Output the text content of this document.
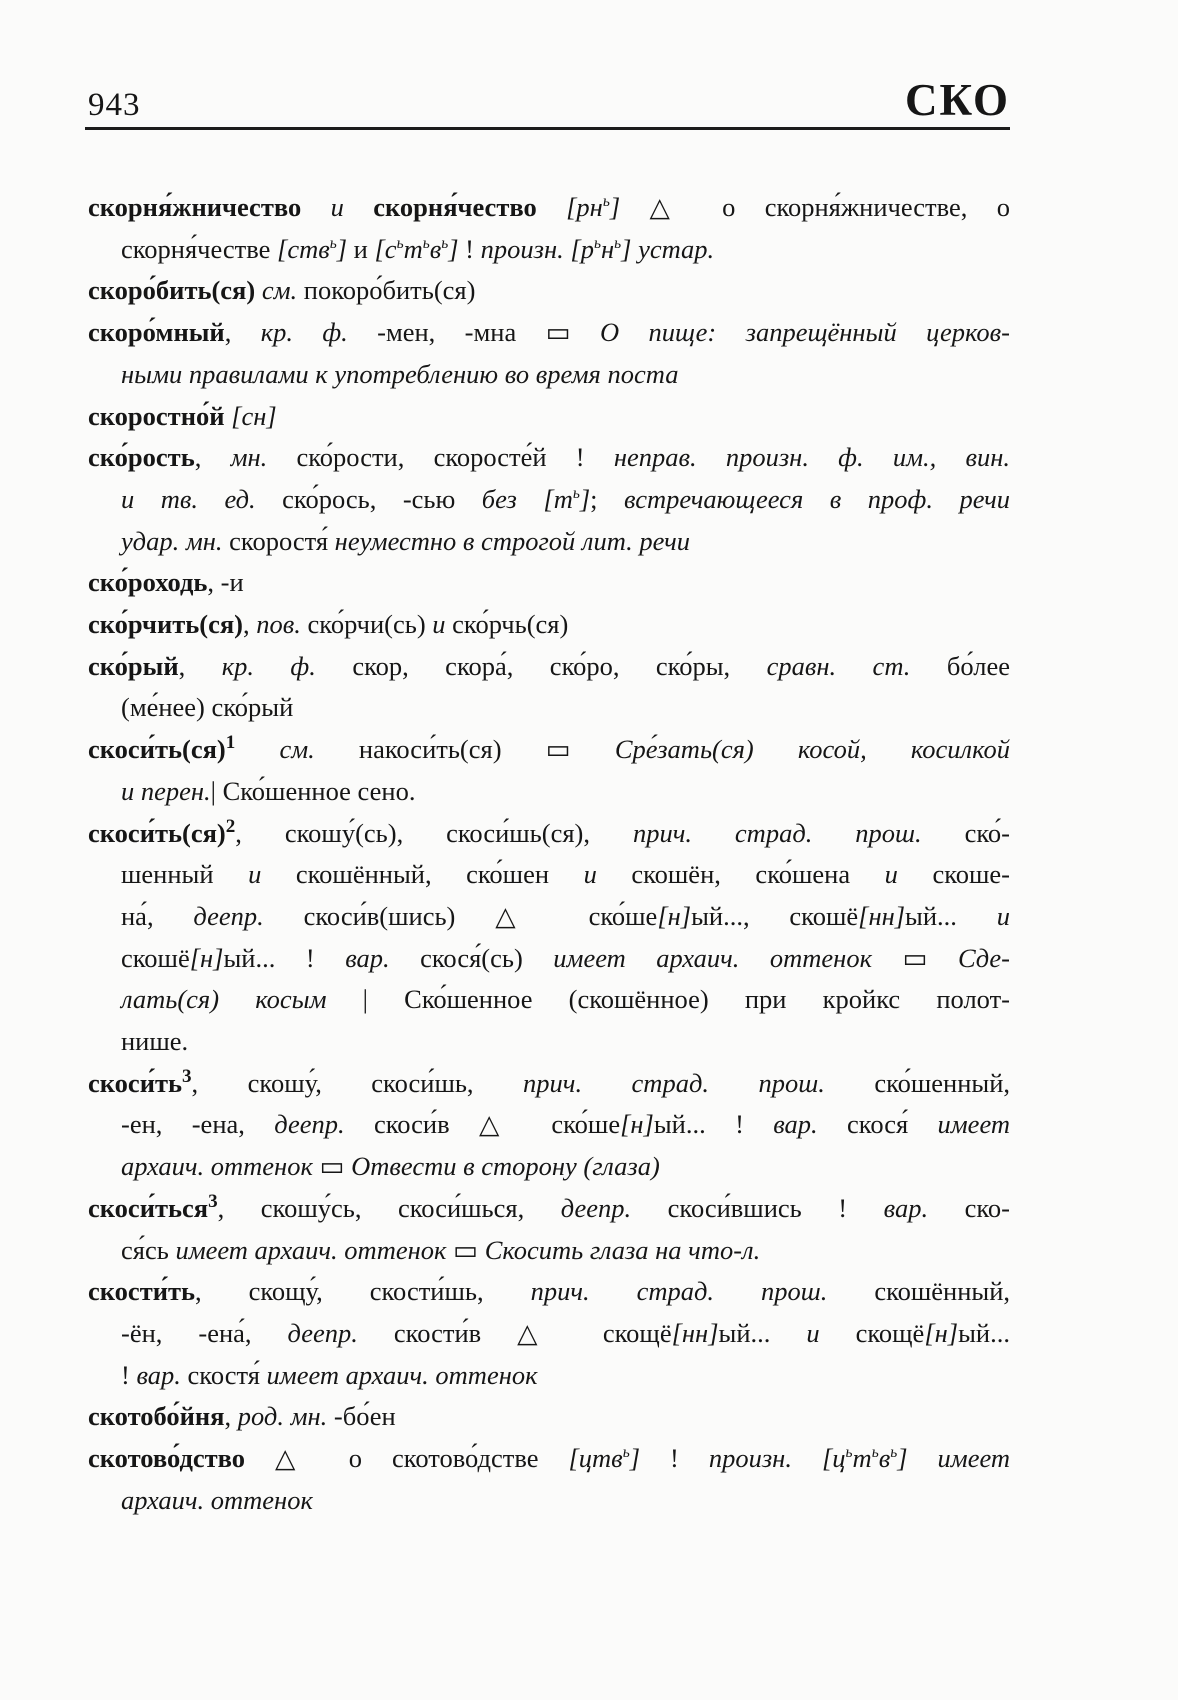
943	СКО

скорня́жничество и скорня́чество $[рн^ь]$ △ о скорня́жничестве, о

скорня́честве [ств$^ь$] и $[с^ьт^ьв^ь]$ ! произн. $[р^ьн^ь]$ устар.

скоро́бить(ся) см. покоро́бить(ся)

скоро́мный, кр. ф. -мен, -мна ▭ О пище: запрещённый церков-

ными правилами к употреблению во время поста

скоростно́й [сн]

ско́рость, мн. ско́рости, скоросте́й ! неправ. произн. ф. им., вин.

и тв. ед. ско́рось, -сью без $[т^ь]$; встречающееся в проф. речи

удар. мн. скоростя́ неуместно в строгой лит. речи

ско́роходь, -и

ско́рчить(ся), пов. ско́рчи(сь) и ско́рчь(ся)

ско́рый, кр. ф. скор, скора́, ско́ро, ско́ры, сравн. ст. бо́лее

(ме́нее) ско́рый

скоси́ть(ся)$^1$ см. накоси́ть(ся) ▭ Сре́зать(ся) косой, косилкой

и перен.| Ско́шенное сено.

скоси́ть(ся)$^2$, скошу́(сь), скоси́шь(ся), прич. страд. прош. ско́-

шенный и скошённый, ско́шен и скошён, ско́шена и скоше-

на́, деепр. скоси́в(шись) △ ско́ше[н]ый..., скошё[нн]ый... и

скошё[н]ый... ! вар. скося́(сь) имеет архаич. оттенок ▭ Сде-

лать(ся) косым | Ско́шенное (скошённое) при кройкс полот-

нише.

$скоси́ть^3$, скошу́, скоси́шь, прич. страд. прош. ско́шенный,

-ен, -ена, деепр. скоси́в △ ско́ше[н]ый... ! вар. скося́ имеет

архаич. оттенок ▭ Отвести в сторону (глаза)

скоси́ться$^3$, скошу́сь, скоси́шься, деепр. скоси́вшись ! вар. ско-

ся́сь имеет архаич. оттенок ▭ Скосить глаза на что-л.

скости́ть, скощу́, скости́шь, прич. страд. прош. скошённый,

-ён, -ена́, деепр. скости́в △ скощё[нн]ый... и скощё[н]ый...

! вар. скостя́ имеет архаич. оттенок

скотобо́йня, род. мн. -бо́ен

скотово́дство △ о скотово́дстве [цтв$^ь$] ! произн. $[ц^ьт^ьв^ь]$ имеет

архаич. оттенок
